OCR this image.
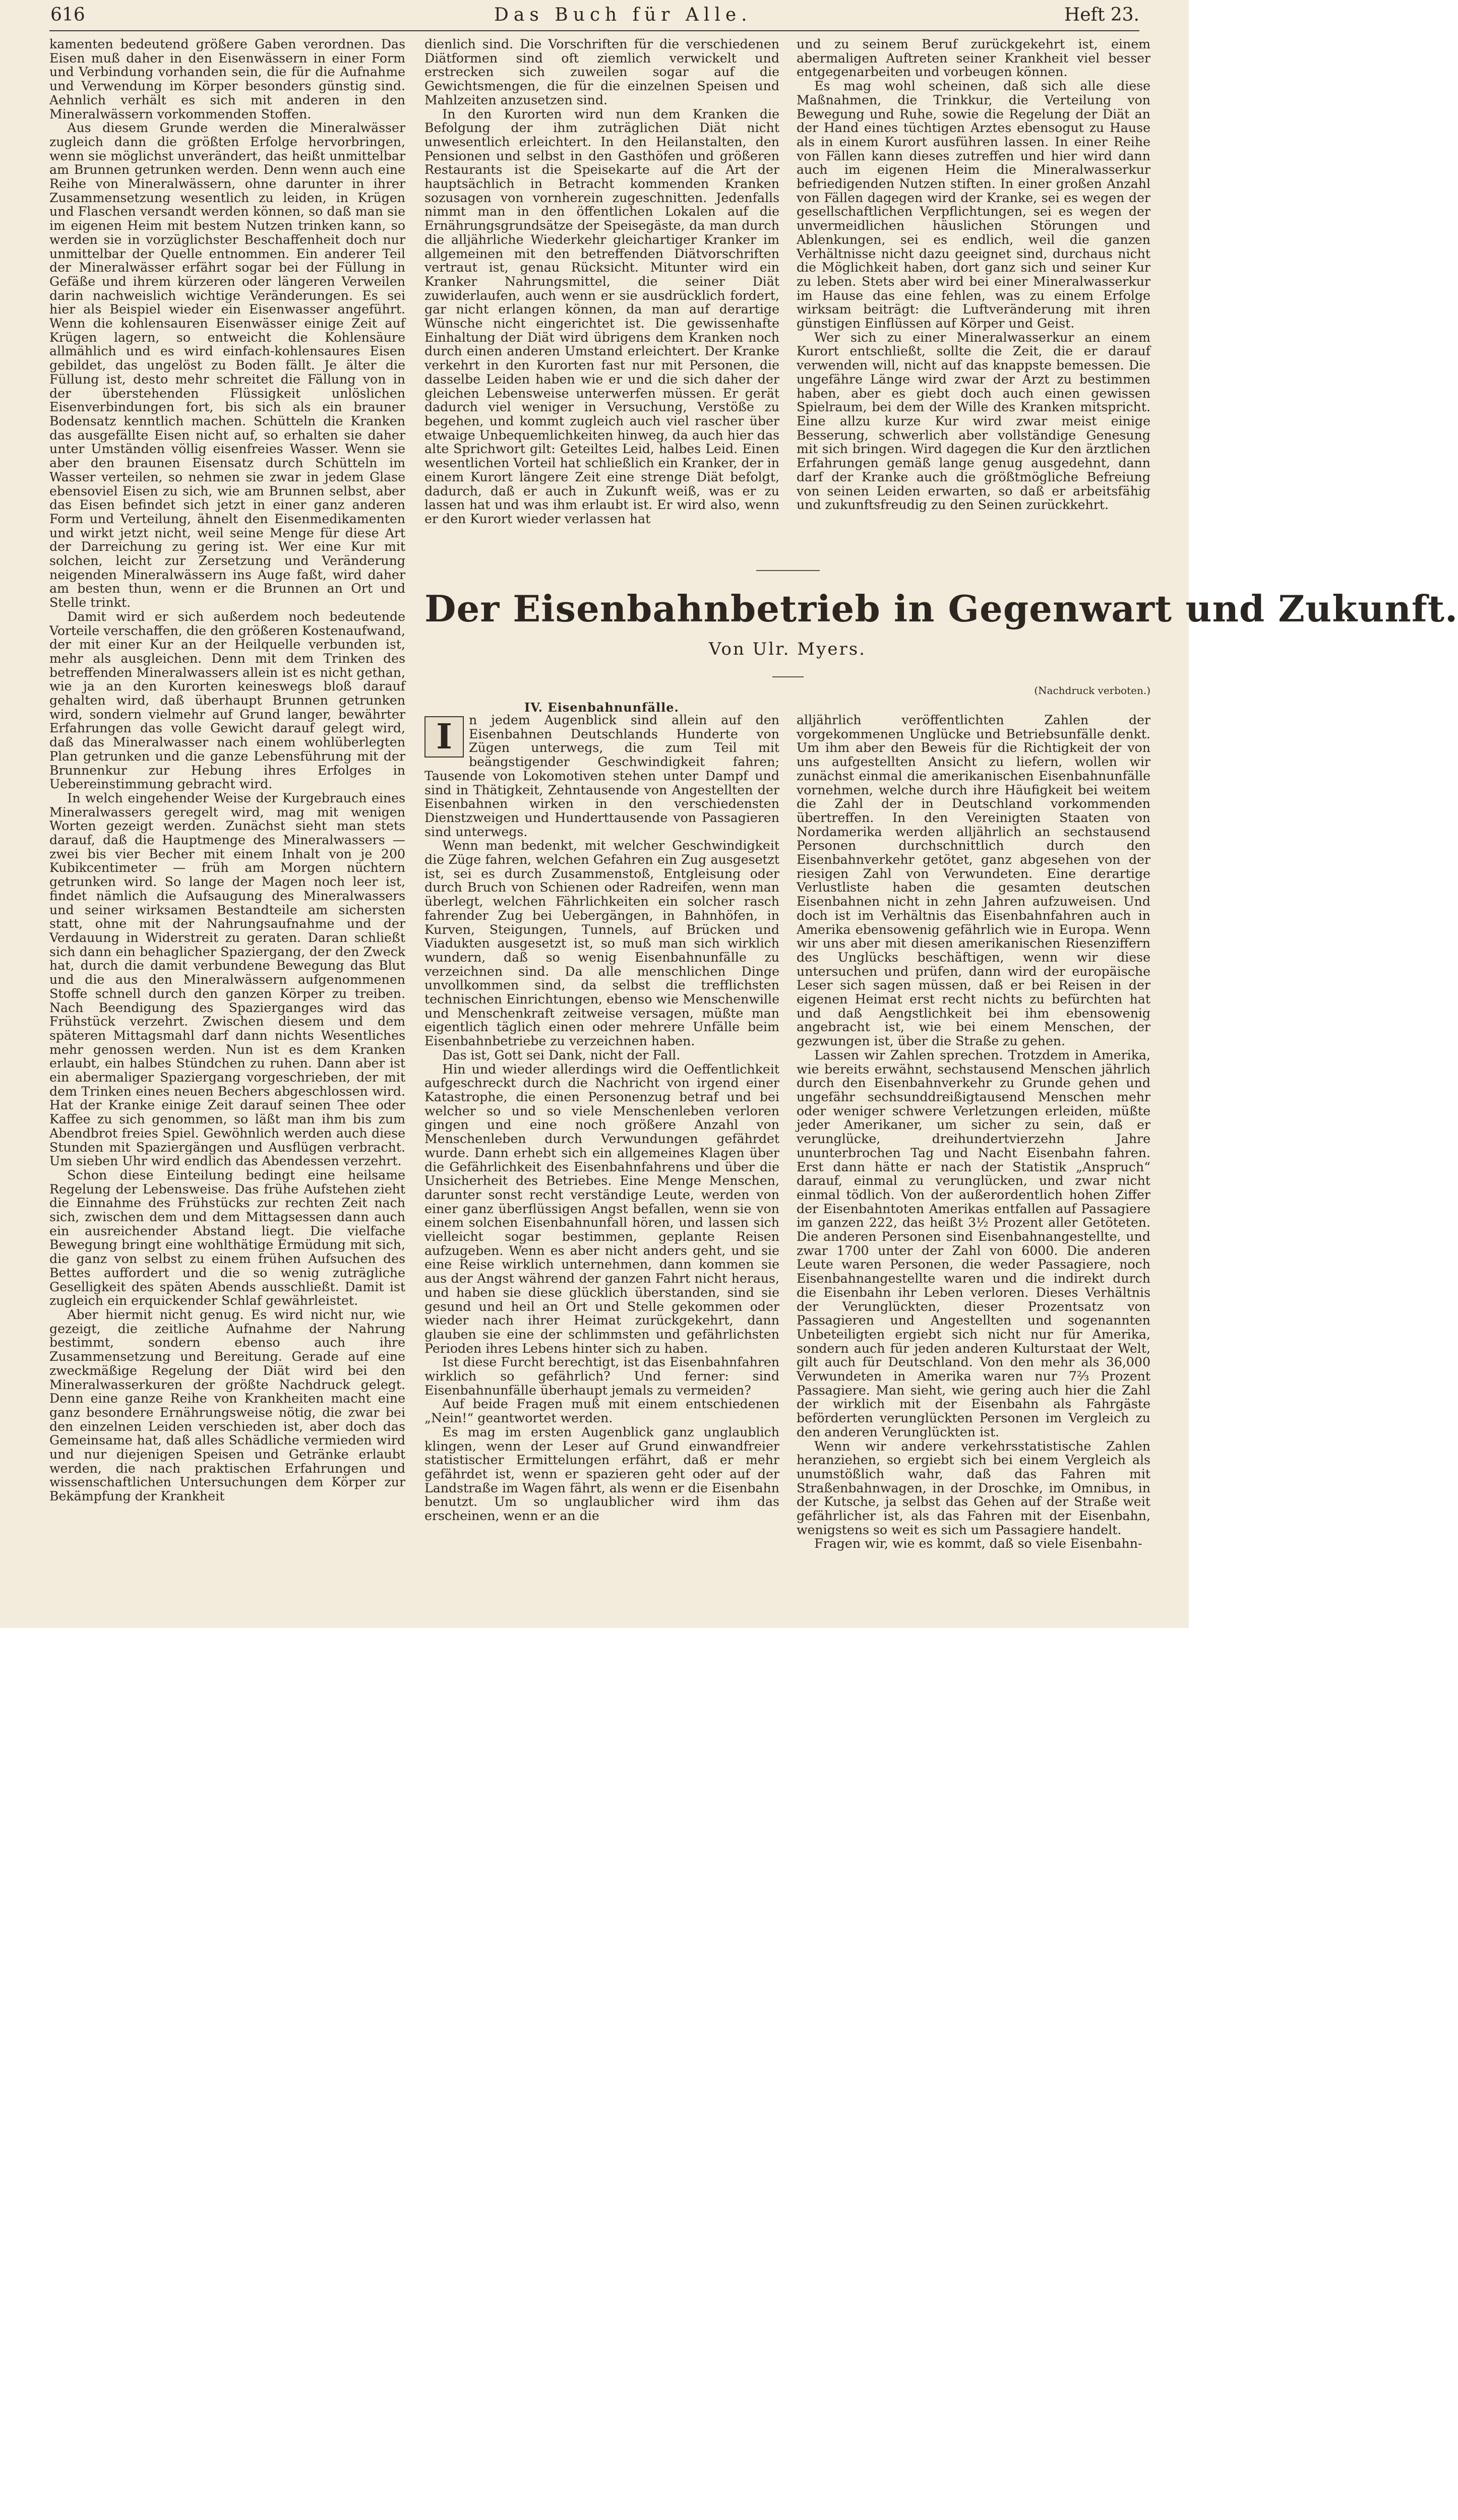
616	Das Buch für Alle.	Heft 23.

kamenten bedeutend größere Gaben verordnen. Das Eisen muß daher in den Eisenwässern in einer Form und Verbindung vorhanden sein, die für die Aufnahme und Verwendung im Körper besonders günstig sind. Aehnlich verhält es sich mit anderen in den Mineralwässern vorkommenden Stoffen.

Aus diesem Grunde werden die Mineralwässer zugleich dann die größten Erfolge hervorbringen, wenn sie möglichst unverändert, das heißt unmittelbar am Brunnen getrunken werden. Denn wenn auch eine Reihe von Mineralwässern, ohne darunter in ihrer Zusammensetzung wesentlich zu leiden, in Krügen und Flaschen versandt werden können, so daß man sie im eigenen Heim mit bestem Nutzen trinken kann, so werden sie in vorzüglichster Beschaffenheit doch nur unmittelbar der Quelle entnommen. Ein anderer Teil der Mineralwässer erfährt sogar bei der Füllung in Gefäße und ihrem kürzeren oder längeren Verweilen darin nachweislich wichtige Veränderungen. Es sei hier als Beispiel wieder ein Eisenwasser angeführt. Wenn die kohlensauren Eisenwässer einige Zeit auf Krügen lagern, so entweicht die Kohlensäure allmählich und es wird einfach-kohlensaures Eisen gebildet, das ungelöst zu Boden fällt. Je älter die Füllung ist, desto mehr schreitet die Fällung von in der überstehenden Flüssigkeit unlöslichen Eisenverbindungen fort, bis sich als ein brauner Bodensatz kenntlich machen. Schütteln die Kranken das ausgefällte Eisen nicht auf, so erhalten sie daher unter Umständen völlig eisenfreies Wasser. Wenn sie aber den braunen Eisensatz durch Schütteln im Wasser verteilen, so nehmen sie zwar in jedem Glase ebensoviel Eisen zu sich, wie am Brunnen selbst, aber das Eisen befindet sich jetzt in einer ganz anderen Form und Verteilung, ähnelt den Eisenmedikamenten und wirkt jetzt nicht, weil seine Menge für diese Art der Darreichung zu gering ist. Wer eine Kur mit solchen, leicht zur Zersetzung und Veränderung neigenden Mineralwässern ins Auge faßt, wird daher am besten thun, wenn er die Brunnen an Ort und Stelle trinkt.

Damit wird er sich außerdem noch bedeutende Vorteile verschaffen, die den größeren Kostenaufwand, der mit einer Kur an der Heilquelle verbunden ist, mehr als ausgleichen. Denn mit dem Trinken des betreffenden Mineralwassers allein ist es nicht gethan, wie ja an den Kurorten keineswegs bloß darauf gehalten wird, daß überhaupt Brunnen getrunken wird, sondern vielmehr auf Grund langer, bewährter Erfahrungen das volle Gewicht darauf gelegt wird, daß das Mineralwasser nach einem wohlüberlegten Plan getrunken und die ganze Lebensführung mit der Brunnenkur zur Hebung ihres Erfolges in Uebereinstimmung gebracht wird.

In welch eingehender Weise der Kurgebrauch eines Mineralwassers geregelt wird, mag mit wenigen Worten gezeigt werden. Zunächst sieht man stets darauf, daß die Hauptmenge des Mineralwassers — zwei bis vier Becher mit einem Inhalt von je 200 Kubikcentimeter — früh am Morgen nüchtern getrunken wird. So lange der Magen noch leer ist, findet nämlich die Aufsaugung des Mineralwassers und seiner wirksamen Bestandteile am sichersten statt, ohne mit der Nahrungsaufnahme und der Verdauung in Widerstreit zu geraten. Daran schließt sich dann ein behaglicher Spaziergang, der den Zweck hat, durch die damit verbundene Bewegung das Blut und die aus den Mineralwässern aufgenommenen Stoffe schnell durch den ganzen Körper zu treiben. Nach Beendigung des Spazierganges wird das Frühstück verzehrt. Zwischen diesem und dem späteren Mittagsmahl darf dann nichts Wesentliches mehr genossen werden. Nun ist es dem Kranken erlaubt, ein halbes Stündchen zu ruhen. Dann aber ist ein abermaliger Spaziergang vorgeschrieben, der mit dem Trinken eines neuen Bechers abgeschlossen wird. Hat der Kranke einige Zeit darauf seinen Thee oder Kaffee zu sich genommen, so läßt man ihm bis zum Abendbrot freies Spiel. Gewöhnlich werden auch diese Stunden mit Spaziergängen und Ausflügen verbracht. Um sieben Uhr wird endlich das Abendessen verzehrt.

Schon diese Einteilung bedingt eine heilsame Regelung der Lebensweise. Das frühe Aufstehen zieht die Einnahme des Frühstücks zur rechten Zeit nach sich, zwischen dem und dem Mittagsessen dann auch ein ausreichender Abstand liegt. Die vielfache Bewegung bringt eine wohlthätige Ermüdung mit sich, die ganz von selbst zu einem frühen Aufsuchen des Bettes auffordert und die so wenig zuträgliche Geselligkeit des späten Abends ausschließt. Damit ist zugleich ein erquickender Schlaf gewährleistet.

Aber hiermit nicht genug. Es wird nicht nur, wie gezeigt, die zeitliche Aufnahme der Nahrung bestimmt, sondern ebenso auch ihre Zusammensetzung und Bereitung. Gerade auf eine zweckmäßige Regelung der Diät wird bei den Mineralwasserkuren der größte Nachdruck gelegt. Denn eine ganze Reihe von Krankheiten macht eine ganz besondere Ernährungsweise nötig, die zwar bei den einzelnen Leiden verschieden ist, aber doch das Gemeinsame hat, daß alles Schädliche vermieden wird und nur diejenigen Speisen und Getränke erlaubt werden, die nach praktischen Erfahrungen und wissenschaftlichen Untersuchungen dem Körper zur Bekämpfung der Krankheit

dienlich sind. Die Vorschriften für die verschiedenen Diätformen sind oft ziemlich verwickelt und erstrecken sich zuweilen sogar auf die Gewichtsmengen, die für die einzelnen Speisen und Mahlzeiten anzusetzen sind.

In den Kurorten wird nun dem Kranken die Befolgung der ihm zuträglichen Diät nicht unwesentlich erleichtert. In den Heilanstalten, den Pensionen und selbst in den Gasthöfen und größeren Restaurants ist die Speisekarte auf die Art der hauptsächlich in Betracht kommenden Kranken sozusagen von vornherein zugeschnitten. Jedenfalls nimmt man in den öffentlichen Lokalen auf die Ernährungsgrundsätze der Speisegäste, da man durch die alljährliche Wiederkehr gleichartiger Kranker im allgemeinen mit den betreffenden Diätvorschriften vertraut ist, genau Rücksicht. Mitunter wird ein Kranker Nahrungsmittel, die seiner Diät zuwiderlaufen, auch wenn er sie ausdrücklich fordert, gar nicht erlangen können, da man auf derartige Wünsche nicht eingerichtet ist. Die gewissenhafte Einhaltung der Diät wird übrigens dem Kranken noch durch einen anderen Umstand erleichtert. Der Kranke verkehrt in den Kurorten fast nur mit Personen, die dasselbe Leiden haben wie er und die sich daher der gleichen Lebensweise unterwerfen müssen. Er gerät dadurch viel weniger in Versuchung, Verstöße zu begehen, und kommt zugleich auch viel rascher über etwaige Unbequemlichkeiten hinweg, da auch hier das alte Sprichwort gilt: Geteiltes Leid, halbes Leid. Einen wesentlichen Vorteil hat schließlich ein Kranker, der in einem Kurort längere Zeit eine strenge Diät befolgt, dadurch, daß er auch in Zukunft weiß, was er zu lassen hat und was ihm erlaubt ist. Er wird also, wenn er den Kurort wieder verlassen hat

und zu seinem Beruf zurückgekehrt ist, einem abermaligen Auftreten seiner Krankheit viel besser entgegenarbeiten und vorbeugen können.

Es mag wohl scheinen, daß sich alle diese Maßnahmen, die Trinkkur, die Verteilung von Bewegung und Ruhe, sowie die Regelung der Diät an der Hand eines tüchtigen Arztes ebensogut zu Hause als in einem Kurort ausführen lassen. In einer Reihe von Fällen kann dieses zutreffen und hier wird dann auch im eigenen Heim die Mineralwasserkur befriedigenden Nutzen stiften. In einer großen Anzahl von Fällen dagegen wird der Kranke, sei es wegen der gesellschaftlichen Verpflichtungen, sei es wegen der unvermeidlichen häuslichen Störungen und Ablenkungen, sei es endlich, weil die ganzen Verhältnisse nicht dazu geeignet sind, durchaus nicht die Möglichkeit haben, dort ganz sich und seiner Kur zu leben. Stets aber wird bei einer Mineralwasserkur im Hause das eine fehlen, was zu einem Erfolge wirksam beiträgt: die Luftveränderung mit ihren günstigen Einflüssen auf Körper und Geist.

Wer sich zu einer Mineralwasserkur an einem Kurort entschließt, sollte die Zeit, die er darauf verwenden will, nicht auf das knappste bemessen. Die ungefähre Länge wird zwar der Arzt zu bestimmen haben, aber es giebt doch auch einen gewissen Spielraum, bei dem der Wille des Kranken mitspricht. Eine allzu kurze Kur wird zwar meist einige Besserung, schwerlich aber vollständige Genesung mit sich bringen. Wird dagegen die Kur den ärztlichen Erfahrungen gemäß lange genug ausgedehnt, dann darf der Kranke auch die größtmögliche Befreiung von seinen Leiden erwarten, so daß er arbeitsfähig und zukunftsfreudig zu den Seinen zurückkehrt.

Der Eisenbahnbetrieb in Gegenwart und Zukunft.
Von Ulr. Myers.
(Nachdruck verboten.)
IV. Eisenbahnunfälle.

I	n jedem Augenblick sind allein auf den Eisenbahnen Deutschlands Hunderte von Zügen unterwegs, die zum Teil mit beängstigender Geschwindigkeit fahren; Tausende von Lokomotiven stehen unter Dampf und sind in Thätigkeit, Zehntausende von Angestellten der Eisenbahnen wirken in den verschiedensten Dienstzweigen und Hunderttausende von Passagieren sind unterwegs.

Wenn man bedenkt, mit welcher Geschwindigkeit die Züge fahren, welchen Gefahren ein Zug ausgesetzt ist, sei es durch Zusammenstoß, Entgleisung oder durch Bruch von Schienen oder Radreifen, wenn man überlegt, welchen Fährlichkeiten ein solcher rasch fahrender Zug bei Uebergängen, in Bahnhöfen, in Kurven, Steigungen, Tunnels, auf Brücken und Viadukten ausgesetzt ist, so muß man sich wirklich wundern, daß so wenig Eisenbahnunfälle zu verzeichnen sind. Da alle menschlichen Dinge unvollkommen sind, da selbst die trefflichsten technischen Einrichtungen, ebenso wie Menschenwille und Menschenkraft zeitweise versagen, müßte man eigentlich täglich einen oder mehrere Unfälle beim Eisenbahnbetriebe zu verzeichnen haben.

Das ist, Gott sei Dank, nicht der Fall.

Hin und wieder allerdings wird die Oeffentlichkeit aufgeschreckt durch die Nachricht von irgend einer Katastrophe, die einen Personenzug betraf und bei welcher so und so viele Menschenleben verloren gingen und eine noch größere Anzahl von Menschenleben durch Verwundungen gefährdet wurde. Dann erhebt sich ein allgemeines Klagen über die Gefährlichkeit des Eisenbahnfahrens und über die Unsicherheit des Betriebes. Eine Menge Menschen, darunter sonst recht verständige Leute, werden von einer ganz überflüssigen Angst befallen, wenn sie von einem solchen Eisenbahnunfall hören, und lassen sich vielleicht sogar bestimmen, geplante Reisen aufzugeben. Wenn es aber nicht anders geht, und sie eine Reise wirklich unternehmen, dann kommen sie aus der Angst während der ganzen Fahrt nicht heraus, und haben sie diese glücklich überstanden, sind sie gesund und heil an Ort und Stelle gekommen oder wieder nach ihrer Heimat zurückgekehrt, dann glauben sie eine der schlimmsten und gefährlichsten Perioden ihres Lebens hinter sich zu haben.

Ist diese Furcht berechtigt, ist das Eisenbahnfahren wirklich so gefährlich? Und ferner: sind Eisenbahnunfälle überhaupt jemals zu vermeiden?

Auf beide Fragen muß mit einem entschiedenen „Nein!“ geantwortet werden.

Es mag im ersten Augenblick ganz unglaublich klingen, wenn der Leser auf Grund einwandfreier statistischer Ermittelungen erfährt, daß er mehr gefährdet ist, wenn er spazieren geht oder auf der Landstraße im Wagen fährt, als wenn er die Eisenbahn benutzt. Um so unglaublicher wird ihm das erscheinen, wenn er an die

alljährlich veröffentlichten Zahlen der vorgekommenen Unglücke und Betriebsunfälle denkt. Um ihm aber den Beweis für die Richtigkeit der von uns aufgestellten Ansicht zu liefern, wollen wir zunächst einmal die amerikanischen Eisenbahnunfälle vornehmen, welche durch ihre Häufigkeit bei weitem die Zahl der in Deutschland vorkommenden übertreffen. In den Vereinigten Staaten von Nordamerika werden alljährlich an sechstausend Personen durchschnittlich durch den Eisenbahnverkehr getötet, ganz abgesehen von der riesigen Zahl von Verwundeten. Eine derartige Verlustliste haben die gesamten deutschen Eisenbahnen nicht in zehn Jahren aufzuweisen. Und doch ist im Verhältnis das Eisenbahnfahren auch in Amerika ebensowenig gefährlich wie in Europa. Wenn wir uns aber mit diesen amerikanischen Riesenziffern des Unglücks beschäftigen, wenn wir diese untersuchen und prüfen, dann wird der europäische Leser sich sagen müssen, daß er bei Reisen in der eigenen Heimat erst recht nichts zu befürchten hat und daß Aengstlichkeit bei ihm ebensowenig angebracht ist, wie bei einem Menschen, der gezwungen ist, über die Straße zu gehen.

Lassen wir Zahlen sprechen. Trotzdem in Amerika, wie bereits erwähnt, sechstausend Menschen jährlich durch den Eisenbahnverkehr zu Grunde gehen und ungefähr sechsunddreißigtausend Menschen mehr oder weniger schwere Verletzungen erleiden, müßte jeder Amerikaner, um sicher zu sein, daß er verunglücke, dreihundertvierzehn Jahre ununterbrochen Tag und Nacht Eisenbahn fahren. Erst dann hätte er nach der Statistik „Anspruch“ darauf, einmal zu verunglücken, und zwar nicht einmal tödlich. Von der außerordentlich hohen Ziffer der Eisenbahntoten Amerikas entfallen auf Passagiere im ganzen 222, das heißt 3½ Prozent aller Getöteten. Die anderen Personen sind Eisenbahnangestellte, und zwar 1700 unter der Zahl von 6000. Die anderen Leute waren Personen, die weder Passagiere, noch Eisenbahnangestellte waren und die indirekt durch die Eisenbahn ihr Leben verloren. Dieses Verhältnis der Verunglückten, dieser Prozentsatz von Passagieren und Angestellten und sogenannten Unbeteiligten ergiebt sich nicht nur für Amerika, sondern auch für jeden anderen Kulturstaat der Welt, gilt auch für Deutschland. Von den mehr als 36,000 Verwundeten in Amerika waren nur 7⅔ Prozent Passagiere. Man sieht, wie gering auch hier die Zahl der wirklich mit der Eisenbahn als Fahrgäste beförderten verunglückten Personen im Vergleich zu den anderen Verunglückten ist.

Wenn wir andere verkehrsstatistische Zahlen heranziehen, so ergiebt sich bei einem Vergleich als unumstößlich wahr, daß das Fahren mit Straßenbahnwagen, in der Droschke, im Omnibus, in der Kutsche, ja selbst das Gehen auf der Straße weit gefährlicher ist, als das Fahren mit der Eisenbahn, wenigstens so weit es sich um Passagiere handelt.

Fragen wir, wie es kommt, daß so viele Eisenbahn-
